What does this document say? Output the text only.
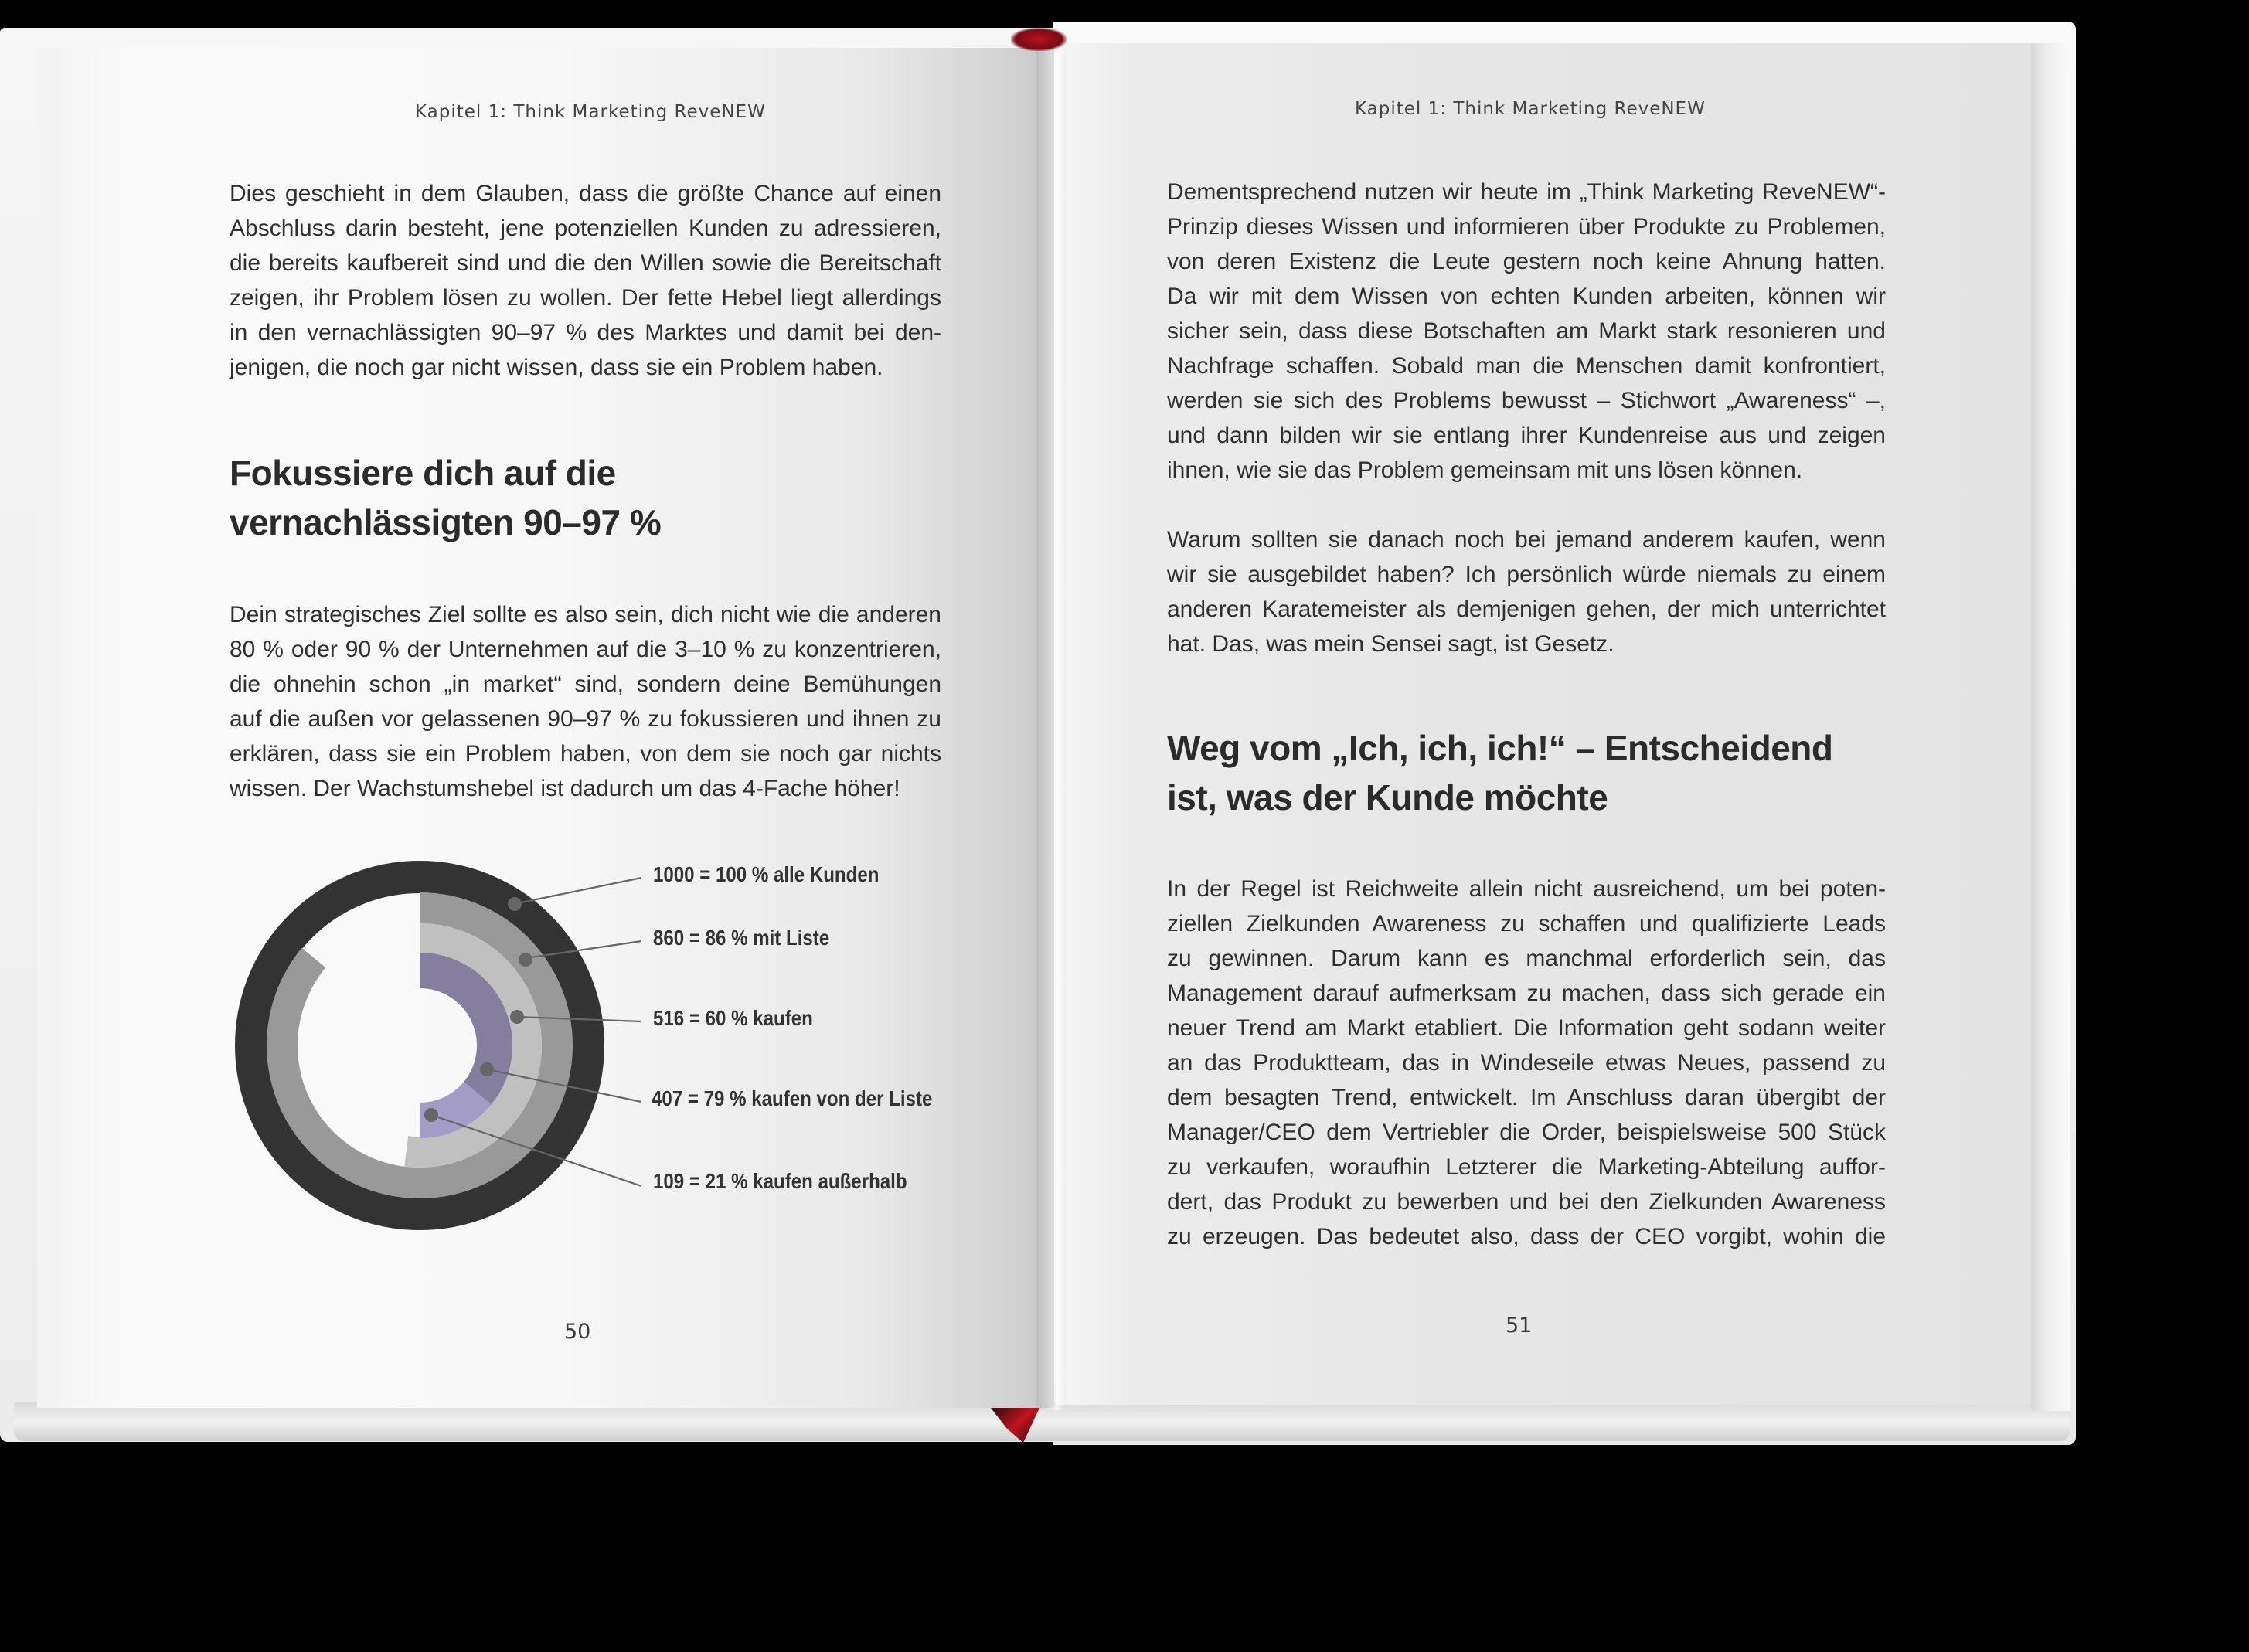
Kapitel 1: Think Marketing ReveNEW
Dies geschieht in dem Glauben, dass die größte Chance auf einen
Abschluss darin besteht, jene potenziellen Kunden zu adressieren,
die bereits kaufbereit sind und die den Willen sowie die Bereitschaft
zeigen, ihr Problem lösen zu wollen. Der fette Hebel liegt allerdings
in den vernachlässigten 90–97 % des Marktes und damit bei den-
jenigen, die noch gar nicht wissen, dass sie ein Problem haben.
Fokussiere dich auf die
vernachlässigten 90–97 %
Dein strategisches Ziel sollte es also sein, dich nicht wie die anderen
80 % oder 90 % der Unternehmen auf die 3–10 % zu konzentrieren,
die ohnehin schon „in market“ sind, sondern deine Bemühungen
auf die außen vor gelassenen 90–97 % zu fokussieren und ihnen zu
erklären, dass sie ein Problem haben, von dem sie noch gar nichts
wissen. Der Wachstumshebel ist dadurch um das 4-Fache höher!
1000 = 100 % alle Kunden
860 = 86 % mit Liste
516 = 60 % kaufen
407 = 79 % kaufen von der Liste
109 = 21 % kaufen außerhalb
50
Kapitel 1: Think Marketing ReveNEW
Dementsprechend nutzen wir heute im „Think Marketing ReveNEW“-
Prinzip dieses Wissen und informieren über Produkte zu Problemen,
von deren Existenz die Leute gestern noch keine Ahnung hatten.
Da wir mit dem Wissen von echten Kunden arbeiten, können wir
sicher sein, dass diese Botschaften am Markt stark resonieren und
Nachfrage schaffen. Sobald man die Menschen damit konfrontiert,
werden sie sich des Problems bewusst – Stichwort „Awareness“ –,
und dann bilden wir sie entlang ihrer Kundenreise aus und zeigen
ihnen, wie sie das Problem gemeinsam mit uns lösen können.
Warum sollten sie danach noch bei jemand anderem kaufen, wenn
wir sie ausgebildet haben? Ich persönlich würde niemals zu einem
anderen Karatemeister als demjenigen gehen, der mich unterrichtet
hat. Das, was mein Sensei sagt, ist Gesetz.
Weg vom „Ich, ich, ich!“ – Entscheidend
ist, was der Kunde möchte
In der Regel ist Reichweite allein nicht ausreichend, um bei poten-
ziellen Zielkunden Awareness zu schaffen und qualifizierte Leads
zu gewinnen. Darum kann es manchmal erforderlich sein, das
Management darauf aufmerksam zu machen, dass sich gerade ein
neuer Trend am Markt etabliert. Die Information geht sodann weiter
an das Produktteam, das in Windeseile etwas Neues, passend zu
dem besagten Trend, entwickelt. Im Anschluss daran übergibt der
Manager/CEO dem Vertriebler die Order, beispielsweise 500 Stück
zu verkaufen, woraufhin Letzterer die Marketing-Abteilung auffor-
dert, das Produkt zu bewerben und bei den Zielkunden Awareness
zu erzeugen. Das bedeutet also, dass der CEO vorgibt, wohin die
51
